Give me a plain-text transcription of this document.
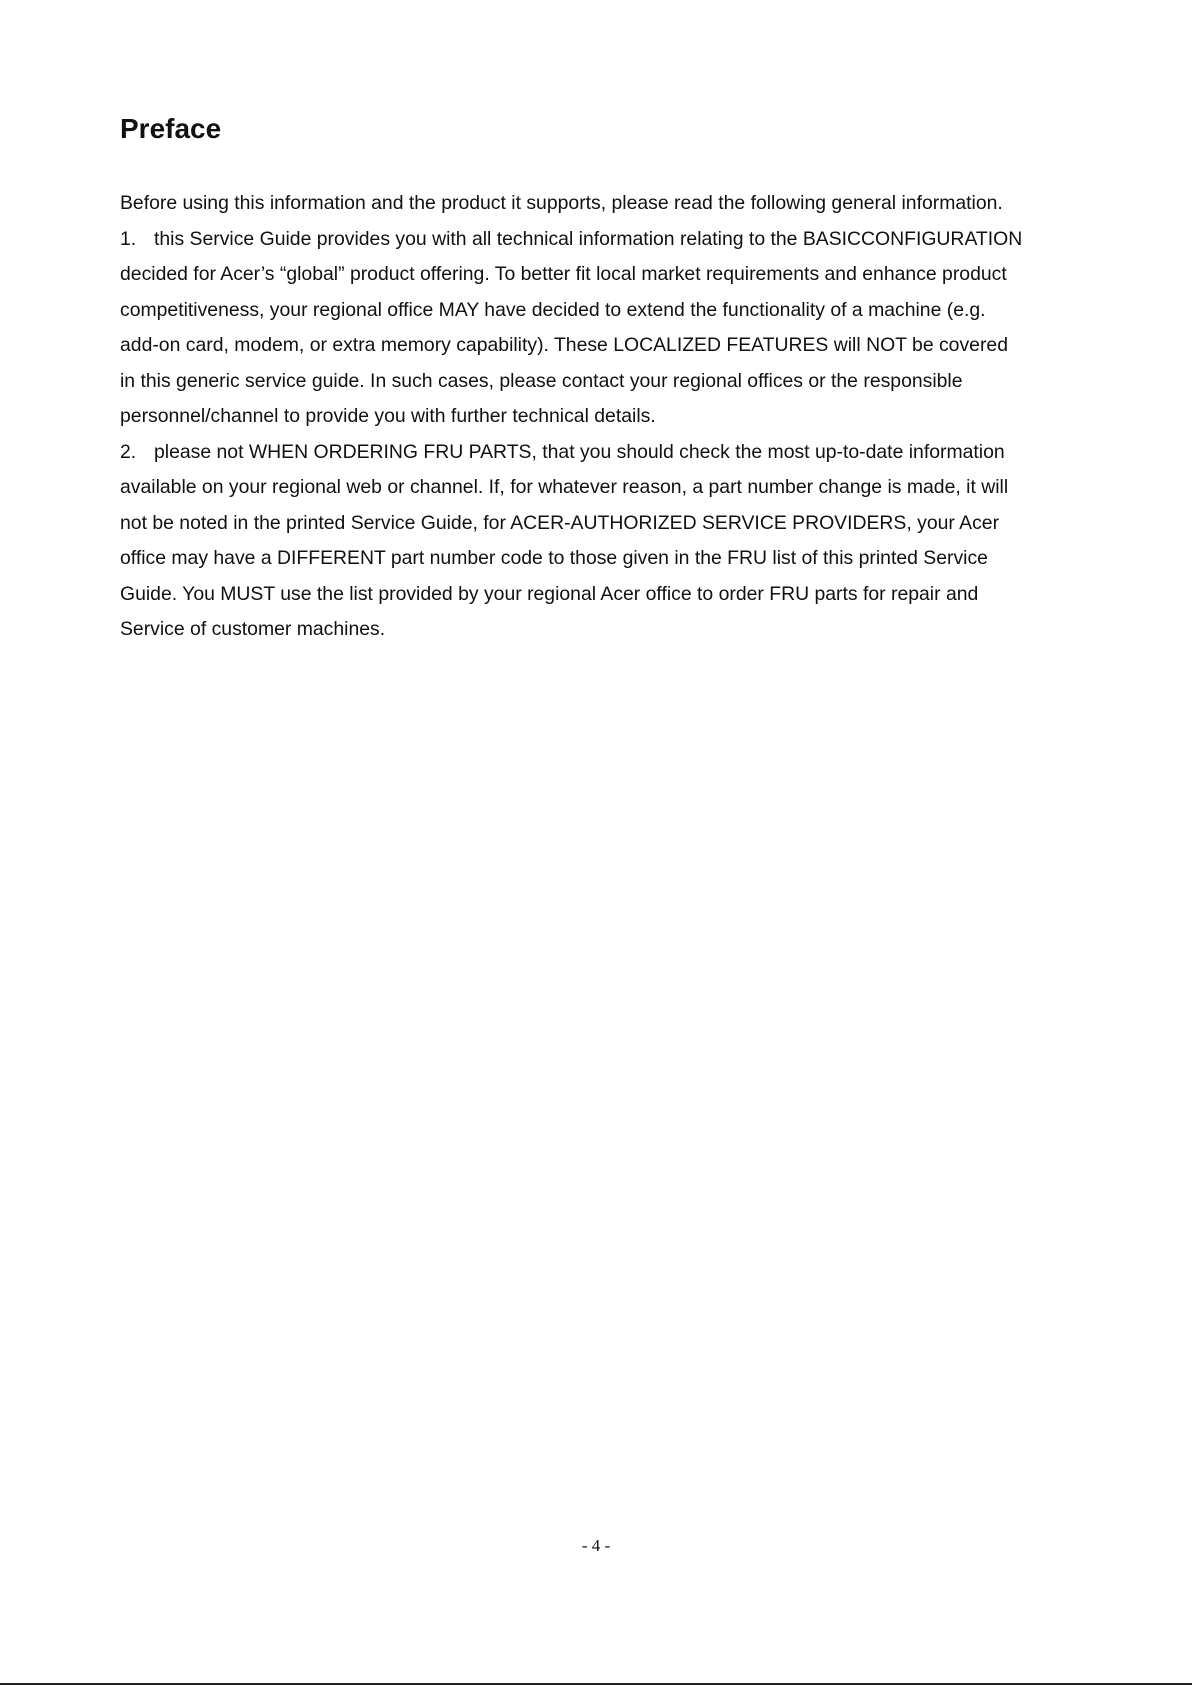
Preface
Before using this information and the product it supports, please read the following general information.
1. this Service Guide provides you with all technical information relating to the BASICCONFIGURATION
decided for Acer’s “global” product offering. To better fit local market requirements and enhance product
competitiveness, your regional office MAY have decided to extend the functionality of a machine (e.g.
add-on card, modem, or extra memory capability). These LOCALIZED FEATURES will NOT be covered
in this generic service guide. In such cases, please contact your regional offices or the responsible
personnel/channel to provide you with further technical details.
2. please not WHEN ORDERING FRU PARTS, that you should check the most up-to-date information
available on your regional web or channel. If, for whatever reason, a part number change is made, it will
not be noted in the printed Service Guide, for ACER-AUTHORIZED SERVICE PROVIDERS, your Acer
office may have a DIFFERENT part number code to those given in the FRU list of this printed Service
Guide. You MUST use the list provided by your regional Acer office to order FRU parts for repair and
Service of customer machines.
- 4 -
